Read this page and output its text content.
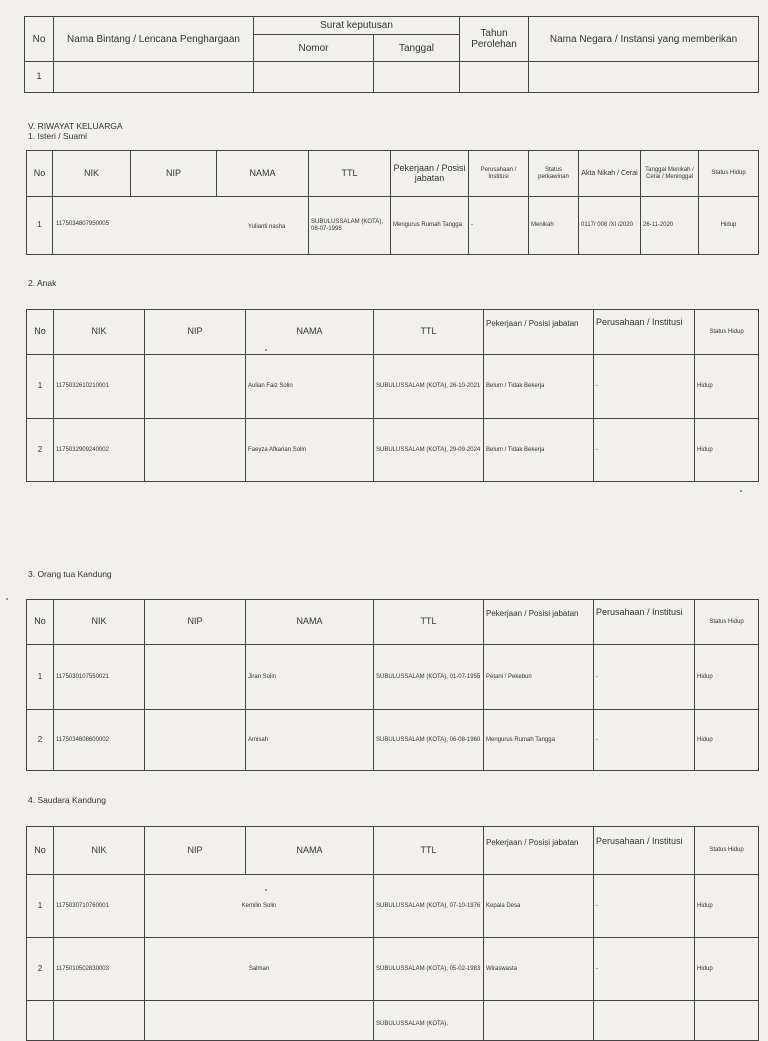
No	Nama Bintang / Lencana Penghargaan	Surat keputusan		Tahun Perolehan	Nama Negara / Instansi yang memberikan
		Nomor	Tanggal		
1					

V. RIWAYAT KELUARGA

1. Isteri / Suami

No	NIK	NIP	NAMA	TTL	Pekerjaan / Posisi jabatan	Perusahaan / Institusi	Status perkawinan	Akta Nikah / Cerai	Tanggal Menikah / Cerai / Meninggal	Status Hidup
1	1175034807950005 Yulianti nasha			SUBULUSSALAM (KOTA), 08-07-1998	Mengurus Rumah Tangga	-	Menikah	0117/ 008 /XI /2020	26-11-2020	Hidup

2. Anak

No	NIK	NIP	NAMA	TTL	Pekerjaan / Posisi jabatan	Perusahaan / Institusi	Status Hidup
1	1175032610210001		Aulian Faiz Solin	SUBULUSSALAM (KOTA), 26-10-2021	Belum / Tidak Bekerja	-	Hidup
2	1175032909240002		Faeyza Afkarian Solin	SUBULUSSALAM (KOTA), 29-09-2024	Belum / Tidak Bekerja	-	Hidup

3. Orang tua Kandung

No	NIK	NIP	NAMA	TTL	Pekerjaan / Posisi jabatan	Perusahaan / Institusi	Status Hidup
1	1175030107550021		Jiran Solin	SUBULUSSALAM (KOTA), 01-07-1955	Petani / Pekebun	-	Hidup
2	1175034608600002		Amisah	SUBULUSSALAM (KOTA), 06-08-1960	Mengurus Rumah Tangga	-	Hidup

4. Saudara Kandung

No	NIK	NIP	NAMA	TTL	Pekerjaan / Posisi jabatan	Perusahaan / Institusi	Status Hidup
1	1175030710760001	Kemilin Solin		SUBULUSSALAM (KOTA), 07-10-1976	Kepala Desa	-	Hidup
2	1175010502830003	Salman		SUBULUSSALAM (KOTA), 05-02-1983	Wiraswasta	-	Hidup
				SUBULUSSALAM (KOTA),			
